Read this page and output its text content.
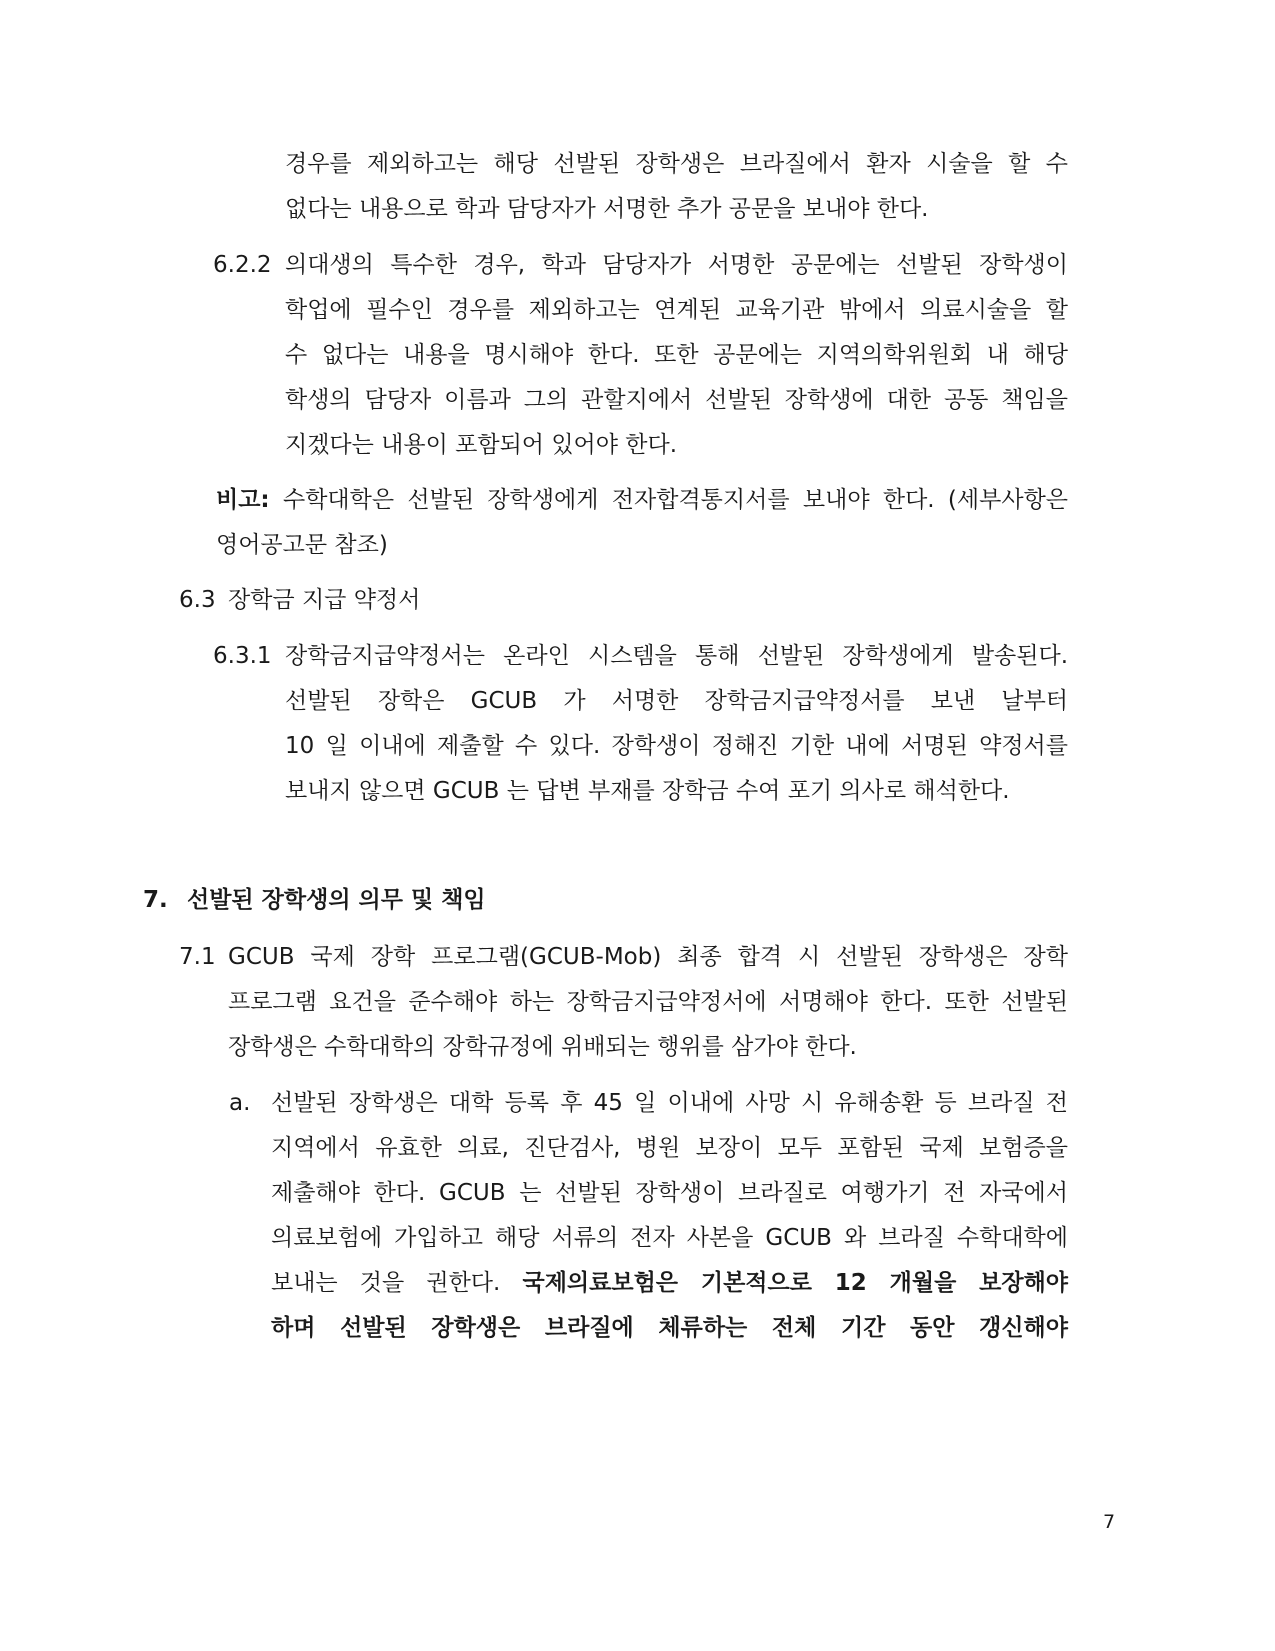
경우를 제외하고는 해당 선발된 장학생은 브라질에서 환자 시술을 할 수
없다는 내용으로 학과 담당자가 서명한 추가 공문을 보내야 한다.
6.2.2 의대생의 특수한 경우, 학과 담당자가 서명한 공문에는 선발된 장학생이
학업에 필수인 경우를 제외하고는 연계된 교육기관 밖에서 의료시술을 할
수 없다는 내용을 명시해야 한다. 또한 공문에는 지역의학위원회 내 해당
학생의 담당자 이름과 그의 관할지에서 선발된 장학생에 대한 공동 책임을
지겠다는 내용이 포함되어 있어야 한다.
비고: 수학대학은 선발된 장학생에게 전자합격통지서를 보내야 한다. (세부사항은
영어공고문 참조)
6.3 장학금 지급 약정서
6.3.1 장학금지급약정서는 온라인 시스템을 통해 선발된 장학생에게 발송된다.
선발된 장학은 GCUB 가 서명한 장학금지급약정서를 보낸 날부터
10 일 이내에 제출할 수 있다. 장학생이 정해진 기한 내에 서명된 약정서를
보내지 않으면 GCUB 는 답변 부재를 장학금 수여 포기 의사로 해석한다.
7. 선발된 장학생의 의무 및 책임
7.1 GCUB 국제 장학 프로그램(GCUB-Mob) 최종 합격 시 선발된 장학생은 장학
프로그램 요건을 준수해야 하는 장학금지급약정서에 서명해야 한다. 또한 선발된
장학생은 수학대학의 장학규정에 위배되는 행위를 삼가야 한다.
a. 선발된 장학생은 대학 등록 후 45 일 이내에 사망 시 유해송환 등 브라질 전
지역에서 유효한 의료, 진단검사, 병원 보장이 모두 포함된 국제 보험증을
제출해야 한다. GCUB 는 선발된 장학생이 브라질로 여행가기 전 자국에서
의료보험에 가입하고 해당 서류의 전자 사본을 GCUB 와 브라질 수학대학에
보내는 것을 권한다. 국제의료보험은 기본적으로 12 개월을 보장해야
하며 선발된 장학생은 브라질에 체류하는 전체 기간 동안 갱신해야
7
